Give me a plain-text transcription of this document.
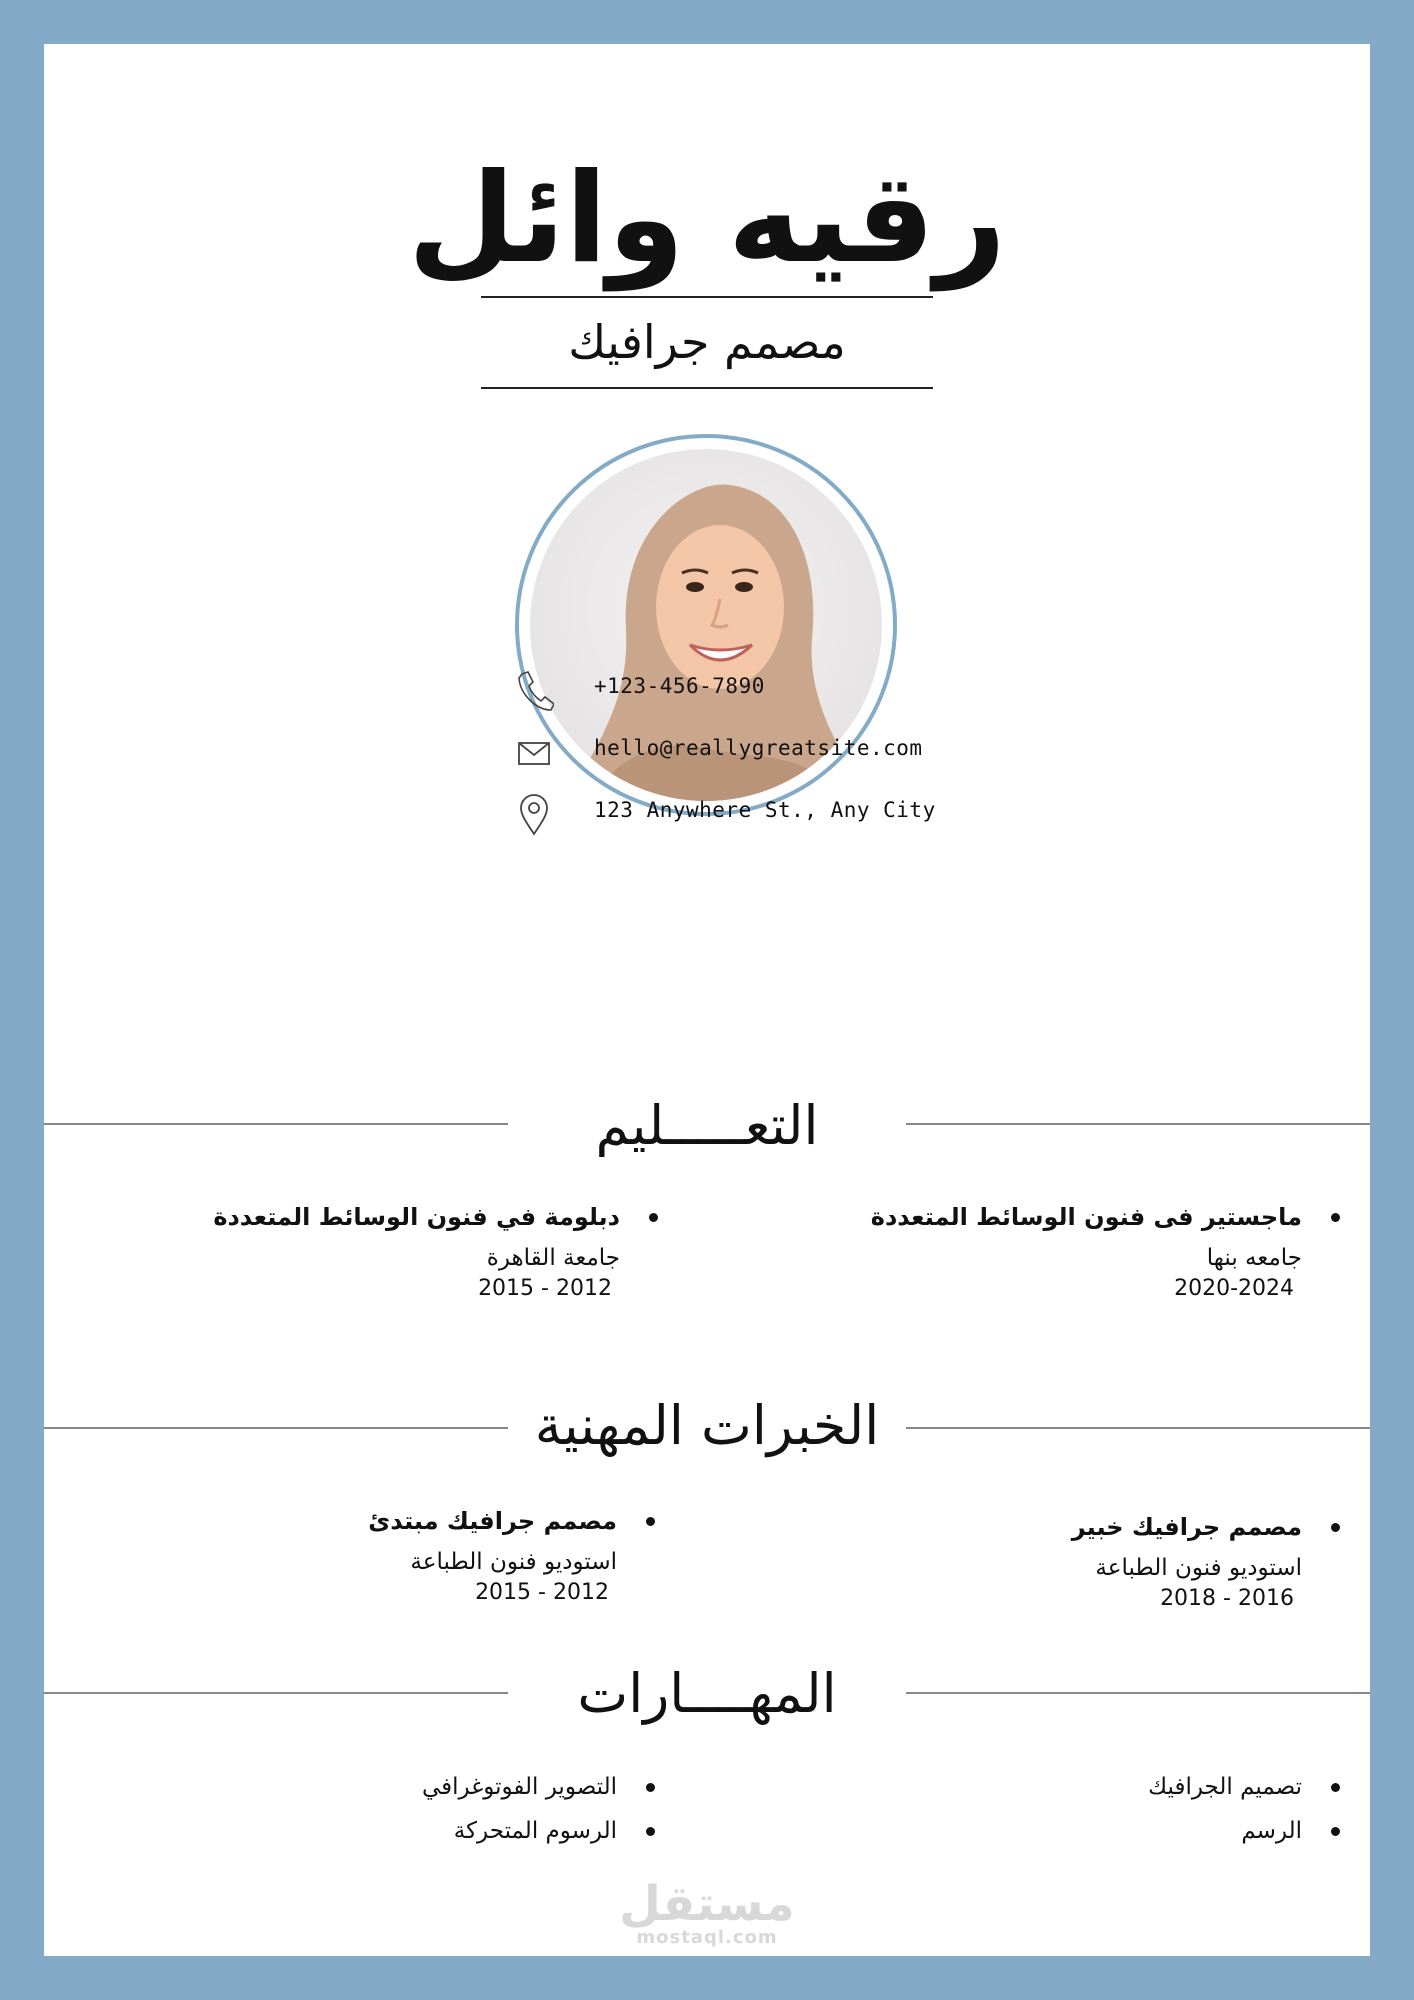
رقيه وائل
مصمم جرافيك
+123-456-7890
hello@reallygreatsite.com
123 Anywhere St., Any City
التعـــــليم
ماجستير فى فنون الوسائط المتعددة
جامعه بنها
2020-2024
دبلومة في فنون الوسائط المتعددة
جامعة القاهرة
2012 - 2015
الخبرات المهنية
مصمم جرافيك خبير
استوديو فنون الطباعة
2016 - 2018
مصمم جرافيك مبتدئ
استوديو فنون الطباعة
2012 - 2015
المهــــارات
تصميم الجرافيك
الرسم
التصوير الفوتوغرافي
الرسوم المتحركة
مستقل
mostaql.com
